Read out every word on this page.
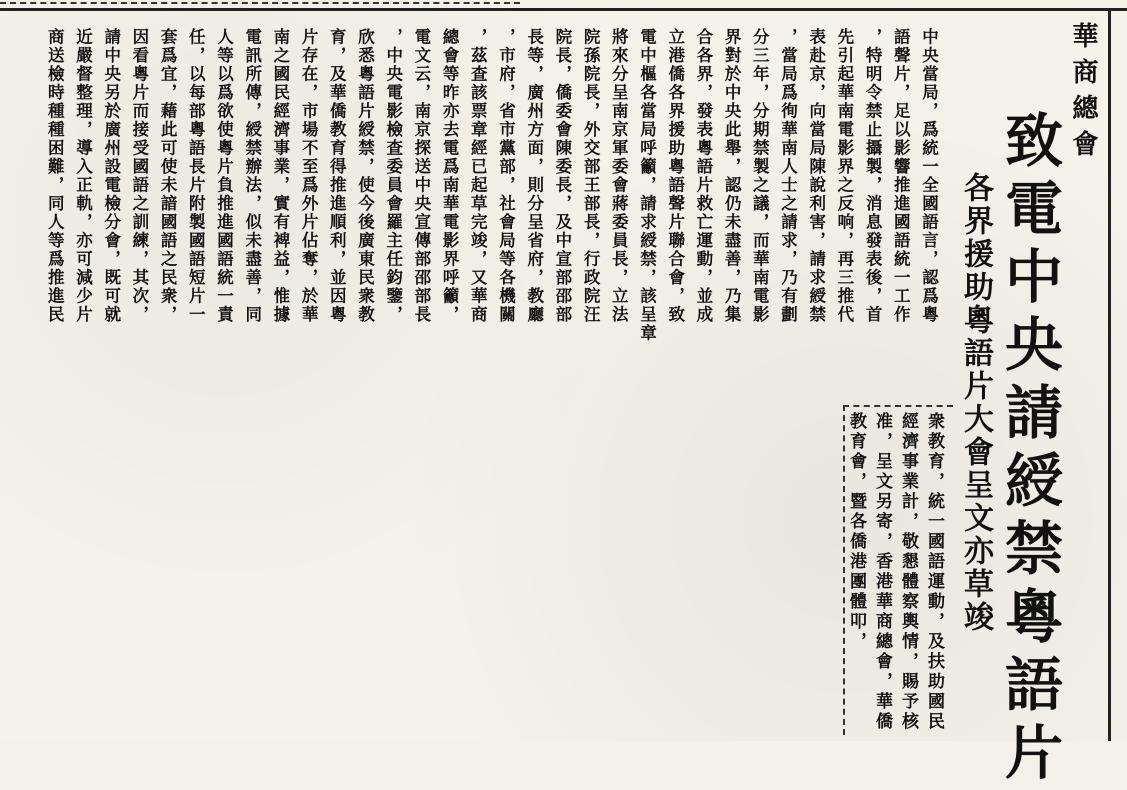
華商總會
致電中央請綬禁粵語片
各界援助粵語片大會呈文亦草竣
中央當局，爲統一全國語言，認爲粵
語聲片，足以影響推進國語統一工作
，特明令禁止攝製，消息發表後，首
先引起華南電影界之反响，再三推代
表赴京，向當局陳說利害，請求綬禁
，當局爲徇華南人士之請求，乃有劃
分三年，分期禁製之議，而華南電影
界對於中央此舉，認仍未盡善，乃集
合各界，發表粵語片救亡運動，並成
立港僑各界援助粵語聲片聯合會，致
電中樞各當局呼籲，請求綬禁，該呈章
將來分呈南京軍委會蔣委員長，立法
院孫院長，外交部王部長，行政院汪
院長，僑委會陳委長，及中宣部邵部
長等，廣州方面，則分呈省府，教廳
，市府，省市黨部，社會局等各機關
，茲查該票章經已起草完竣，又華商
總會等昨亦去電爲南華電影界呼籲，
電文云，南京探送中央宣傳部邵部長
，中央電影檢查委員會羅主任鈞鑒，
欣悉粵語片綬禁，使今後廣東民衆教
育，及華僑教育得推進順利，並因粵
片存在，市場不至爲外片佔奪，於華
南之國民經濟事業，實有裨益，惟據
電訊所傳，綬禁辦法，似未盡善，同
人等以爲欲使粵片負推進國語統一責
任，以每部粵語長片附製國語短片一
套爲宜，藉此可使未諳國語之民衆，
因看粵片而接受國語之訓練，其次，
請中央另於廣州設電檢分會，既可就
近嚴督整理，導入正軌，亦可減少片
商送檢時種種困難，同人等爲推進民
衆教育，統一國語運動，及扶助國民
經濟事業計，敬懇體察輿情，賜予核
准，呈文另寄，香港華商總會，華僑
教育會，暨各僑港團體叩，
